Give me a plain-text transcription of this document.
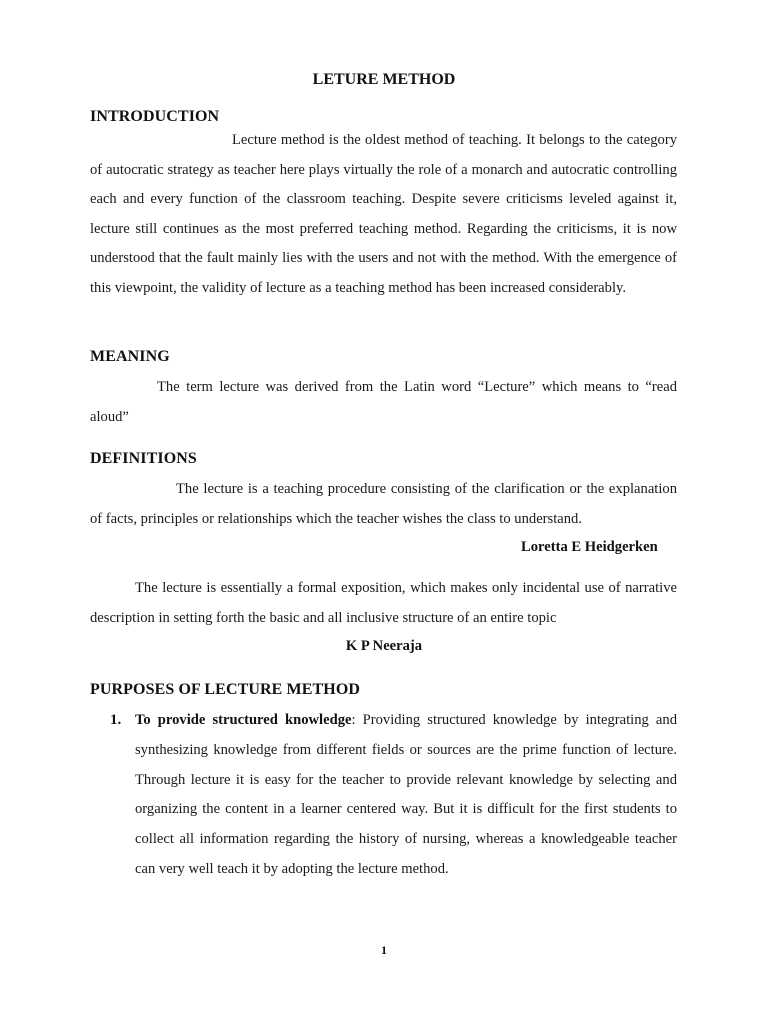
LETURE METHOD
INTRODUCTION
Lecture method is the oldest method of teaching. It belongs to the category of autocratic strategy as teacher here plays virtually the role of a monarch and autocratic controlling each and every function of the classroom teaching. Despite severe criticisms leveled against it, lecture still continues as the most preferred teaching method. Regarding the criticisms, it is now understood that the fault mainly lies with the users and not with the method. With the emergence of this viewpoint, the validity of lecture as a teaching method has been increased considerably.
MEANING
The term lecture was derived from the Latin word “Lecture” which means to “read aloud”
DEFINITIONS
The lecture is a teaching procedure consisting of the clarification or the explanation of facts, principles or relationships which the teacher wishes the class to understand.
Loretta E Heidgerken
The lecture is essentially a formal exposition, which makes only incidental use of narrative description in setting forth the basic and all inclusive structure of an entire topic
K P Neeraja
PURPOSES OF LECTURE METHOD
1. To provide structured knowledge: Providing structured knowledge by integrating and synthesizing knowledge from different fields or sources are the prime function of lecture. Through lecture it is easy for the teacher to provide relevant knowledge by selecting and organizing the content in a learner centered way. But it is difficult for the first students to collect all information regarding the history of nursing, whereas a knowledgeable teacher can very well teach it by adopting the lecture method.
1
